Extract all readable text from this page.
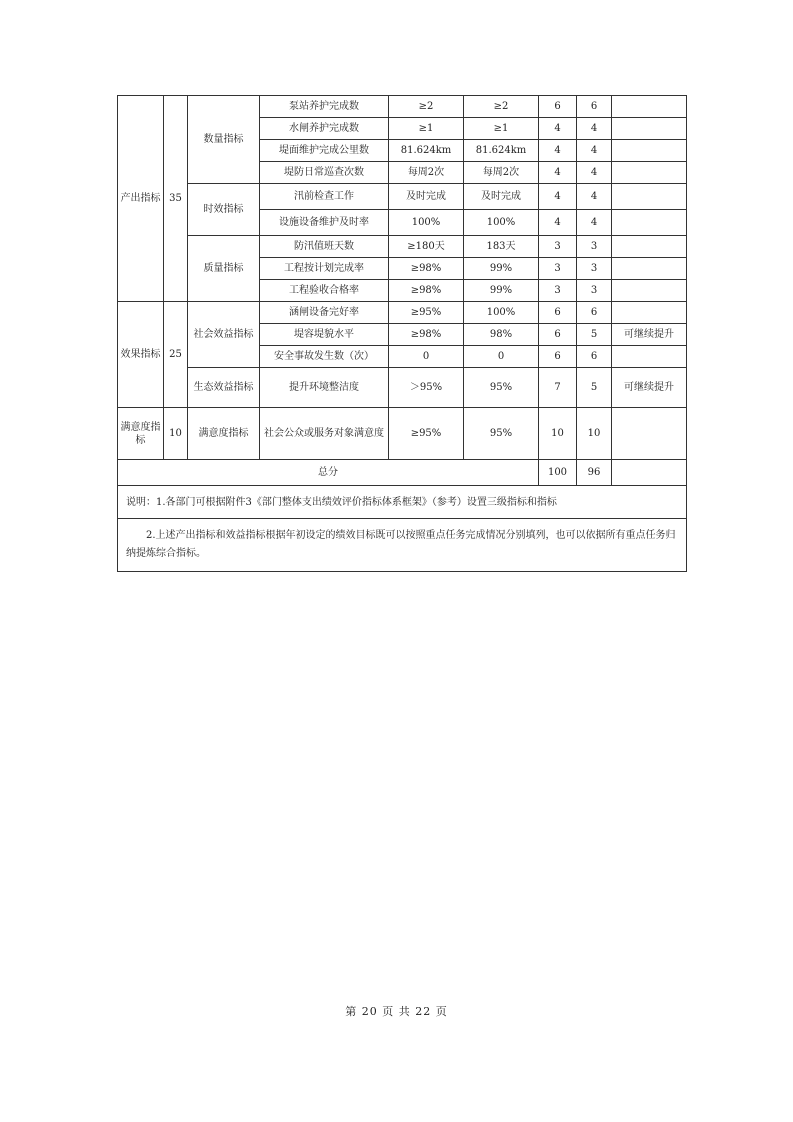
产出指标	35	数量指标	泵站养护完成数	≥2	≥2	6	6	
			水闸养护完成数	≥1	≥1	4	4	
			堤面维护完成公里数	81.624km	81.624km	4	4	
			堤防日常巡查次数	每周2次	每周2次	4	4	
		时效指标	汛前检查工作	及时完成	及时完成	4	4	
			设施设备维护及时率	100%	100%	4	4	
		质量指标	防汛值班天数	≥180天	183天	3	3	
			工程按计划完成率	≥98%	99%	3	3	
			工程验收合格率	≥98%	99%	3	3	
效果指标	25	社会效益指标	涵闸设备完好率	≥95%	100%	6	6	
			堤容堤貌水平	≥98%	98%	6	5	可继续提升
			安全事故发生数（次）	0	0	6	6	
		生态效益指标	提升环境整洁度	＞95%	95%	7	5	可继续提升
满意度指标	10	满意度指标	社会公众或服务对象满意度	≥95%	95%	10	10	
总分						100	96	
说明：1.各部门可根据附件3《部门整体支出绩效评价指标体系框架》（参考）设置三级指标和指标								
2.上述产出指标和效益指标根据年初设定的绩效目标既可以按照重点任务完成情况分别填列，也可以依据所有重点任务归纳提炼综合指标。								
第 20 页 共 22 页
